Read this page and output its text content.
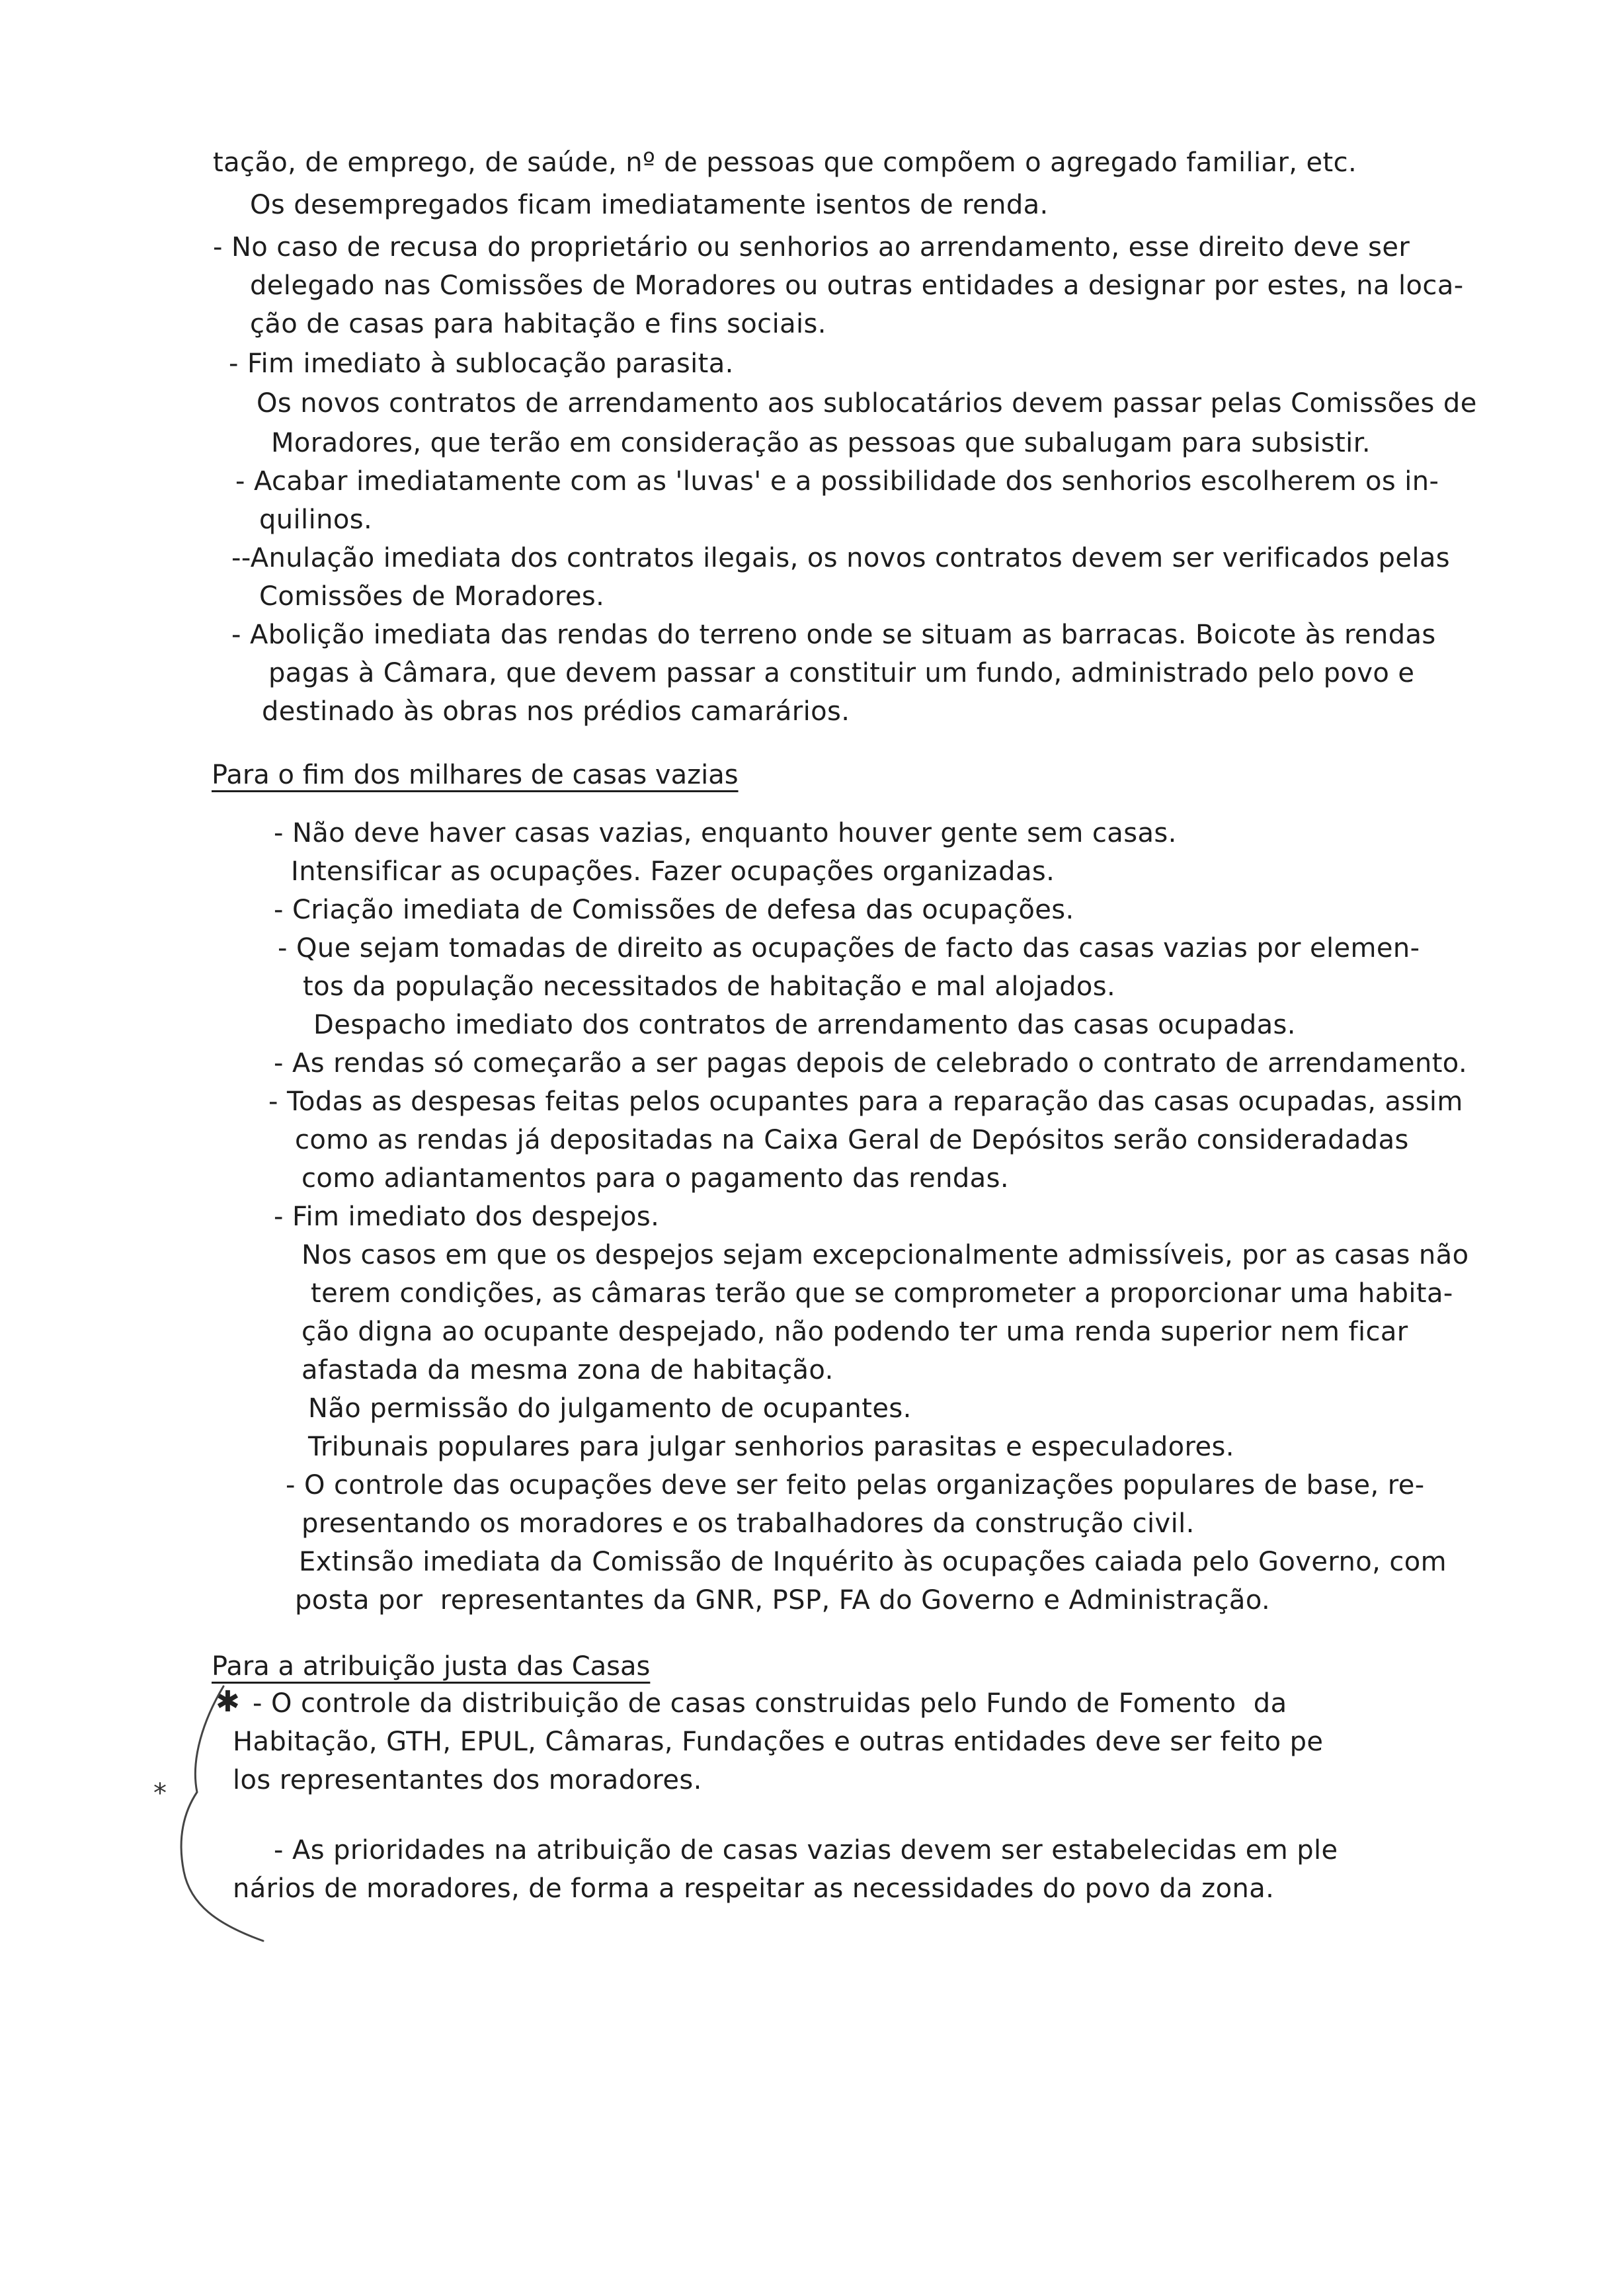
tação, de emprego, de saúde, nº de pessoas que compõem o agregado familiar, etc.
Os desempregados ficam imediatamente isentos de renda.
- No caso de recusa do proprietário ou senhorios ao arrendamento, esse direito deve ser
delegado nas Comissões de Moradores ou outras entidades a designar por estes, na loca-
ção de casas para habitação e fins sociais.
- Fim imediato à sublocação parasita.
Os novos contratos de arrendamento aos sublocatários devem passar pelas Comissões de
Moradores, que terão em consideração as pessoas que subalugam para subsistir.
- Acabar imediatamente com as 'luvas' e a possibilidade dos senhorios escolherem os in-
quilinos.
--Anulação imediata dos contratos ilegais, os novos contratos devem ser verificados pelas
Comissões de Moradores.
- Abolição imediata das rendas do terreno onde se situam as barracas. Boicote às rendas
pagas à Câmara, que devem passar a constituir um fundo, administrado pelo povo e
destinado às obras nos prédios camarários.
Para o fim dos milhares de casas vazias
- Não deve haver casas vazias, enquanto houver gente sem casas.
Intensificar as ocupações. Fazer ocupações organizadas.
- Criação imediata de Comissões de defesa das ocupações.
- Que sejam tomadas de direito as ocupações de facto das casas vazias por elemen-
tos da população necessitados de habitação e mal alojados.
Despacho imediato dos contratos de arrendamento das casas ocupadas.
- As rendas só começarão a ser pagas depois de celebrado o contrato de arrendamento.
- Todas as despesas feitas pelos ocupantes para a reparação das casas ocupadas, assim
como as rendas já depositadas na Caixa Geral de Depósitos serão consideradadas
como adiantamentos para o pagamento das rendas.
- Fim imediato dos despejos.
Nos casos em que os despejos sejam excepcionalmente admissíveis, por as casas não
terem condições, as câmaras terão que se comprometer a proporcionar uma habita-
ção digna ao ocupante despejado, não podendo ter uma renda superior nem ficar
afastada da mesma zona de habitação.
Não permissão do julgamento de ocupantes.
Tribunais populares para julgar senhorios parasitas e especuladores.
- O controle das ocupações deve ser feito pelas organizações populares de base, re-
presentando os moradores e os trabalhadores da construção civil.
Extinsão imediata da Comissão de Inquérito às ocupações caiada pelo Governo, com
posta por  representantes da GNR, PSP, FA do Governo e Administração.
Para a atribuição justa das Casas
✱ - O controle da distribuição de casas construidas pelo Fundo de Fomento  da
Habitação, GTH, EPUL, Câmaras, Fundações e outras entidades deve ser feito pe
los representantes dos moradores.
*
- As prioridades na atribuição de casas vazias devem ser estabelecidas em ple
nários de moradores, de forma a respeitar as necessidades do povo da zona.
